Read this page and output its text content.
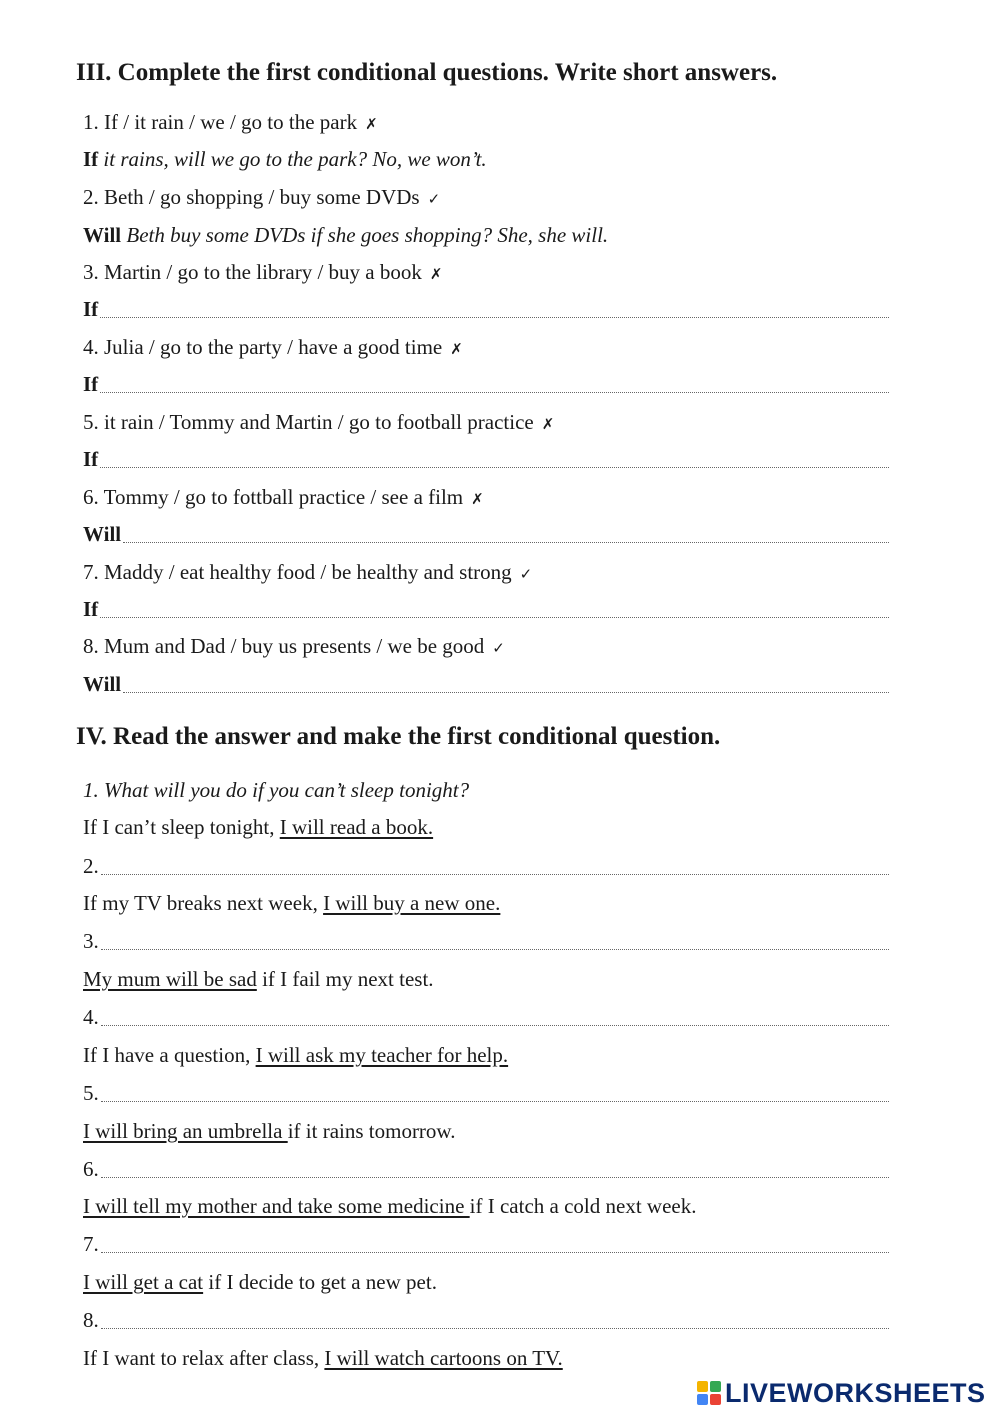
III. Complete the first conditional questions. Write short answers.
1. If / it rain / we / go to the park ✗
If it rains, will we go to the park? No, we won’t.
2. Beth / go shopping / buy some DVDs ✓
Will Beth buy some DVDs if she goes shopping? She, she will.
3. Martin / go to the library / buy a book ✗
If
4. Julia / go to the party / have a good time ✗
If
5. it rain / Tommy and Martin / go to football practice ✗
If
6. Tommy / go to fottball practice / see a film ✗
Will
7. Maddy / eat healthy food / be healthy and strong ✓
If
8. Mum and Dad / buy us presents / we be good ✓
Will
IV. Read the answer and make the first conditional question.
1. What will you do if you can’t sleep tonight?
If I can’t sleep tonight, I will read a book.
2.
If my TV breaks next week, I will buy a new one.
3.
My mum will be sad if I fail my next test.
4.
If I have a question, I will ask my teacher for help.
5.
I will bring an umbrella if it rains tomorrow.
6.
I will tell my mother and take some medicine if I catch a cold next week.
7.
I will get a cat if I decide to get a new pet.
8.
If I want to relax after class, I will watch cartoons on TV.
LIVEWORKSHEETS
